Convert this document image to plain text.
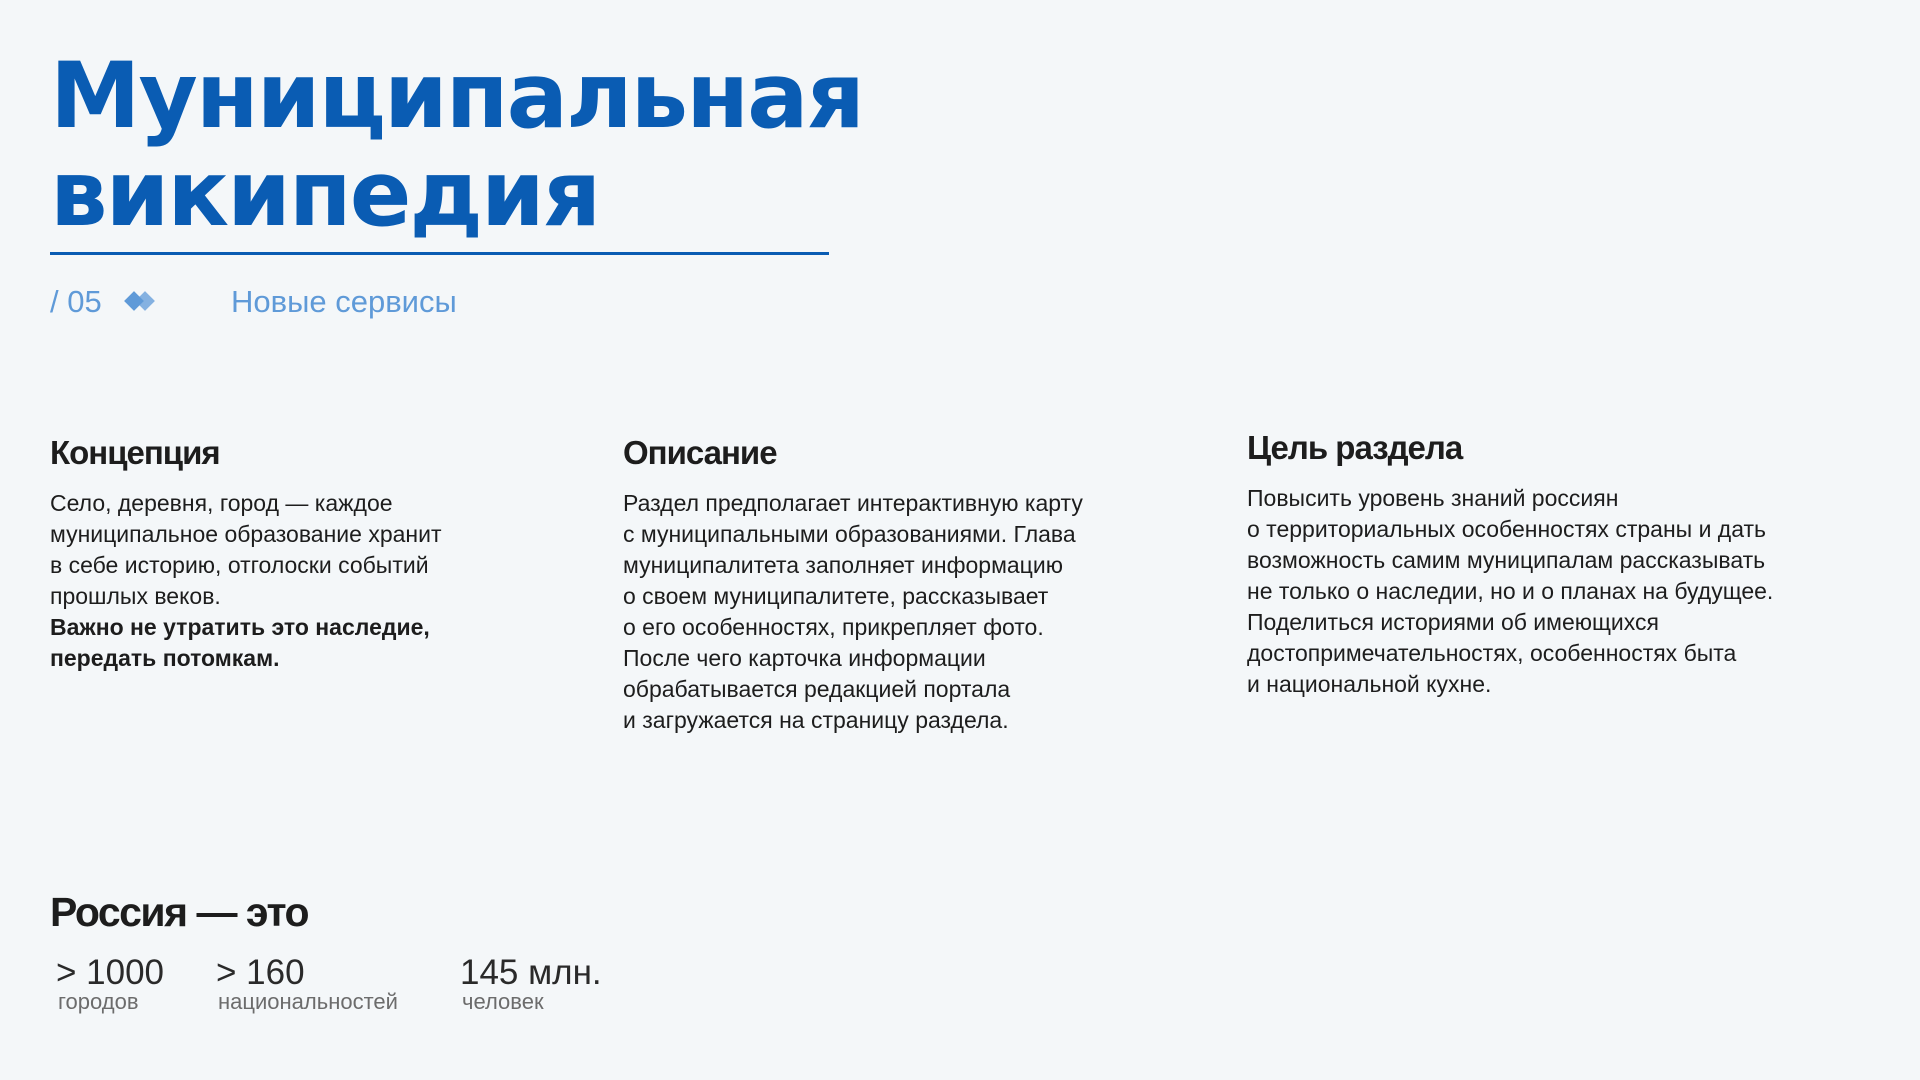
Муниципальная
википедия
/ 05	Новые сервисы
Концепция

Село, деревня, город — каждое
муниципальное образование хранит
в себе историю, отголоски событий
прошлых веков.
Важно не утратить это наследие,
передать потомкам.

Описание

Раздел предполагает интерактивную карту
с муниципальными образованиями. Глава
муниципалитета заполняет информацию
о своем муниципалитете, рассказывает
о его особенностях, прикрепляет фото.
После чего карточка информации
обрабатывается редакцией портала
и загружается на страницу раздела.

Цель раздела

Повысить уровень знаний россиян
о территориальных особенностях страны и дать
возможность самим муниципалам рассказывать
не только о наследии, но и о планах на будущее.
Поделиться историями об имеющихся
достопримечательностях, особенностях быта
и национальной кухне.

Россия — это
> 1000
городов
> 160
национальностей
145 млн.
человек
